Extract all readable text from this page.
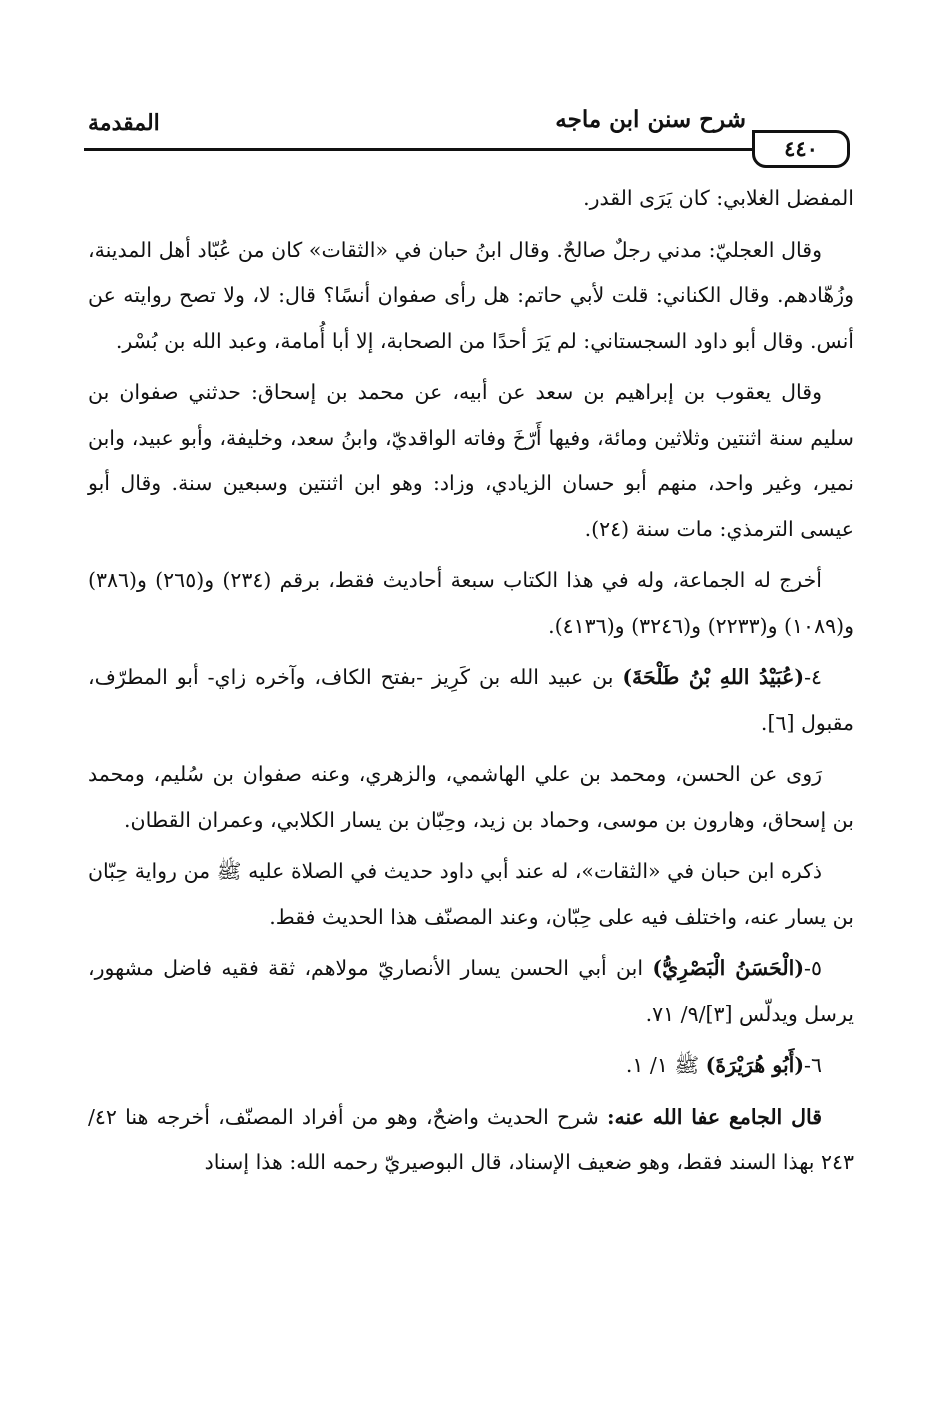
المقدمة	شرح سنن ابن ماجه
٤٤٠

المفضل الغلابي: كان يَرَى القدر.

وقال العجليّ: مدني رجلٌ صالحٌ. وقال ابنُ حبان في «الثقات» كان من عُبّاد أهل المدينة، وزُهّادهم. وقال الكناني: قلت لأبي حاتم: هل رأى صفوان أنسًا؟ قال: لا، ولا تصح روايته عن أنس. وقال أبو داود السجستاني: لم يَرَ أحدًا من الصحابة، إلا أبا أُمامة، وعبد الله بن بُسْر.

وقال يعقوب بن إبراهيم بن سعد عن أبيه، عن محمد بن إسحاق: حدثني صفوان بن سليم سنة اثنتين وثلاثين ومائة، وفيها أَرّخَ وفاته الواقديّ، وابنُ سعد، وخليفة، وأبو عبيد، وابن نمير، وغير واحد، منهم أبو حسان الزيادي، وزاد: وهو ابن اثنتين وسبعين سنة. وقال أبو عيسى الترمذي: مات سنة (٢٤).

أخرج له الجماعة، وله في هذا الكتاب سبعة أحاديث فقط، برقم (٢٣٤) و(٢٦٥) و(٣٨٦) و(١٠٨٩) و(٢٢٣٣) و(٣٢٤٦) و(٤١٣٦).

٤-(عُبَيْدُ اللهِ بْنُ طَلْحَةَ) بن عبيد الله بن كَرِيز -بفتح الكاف، وآخره زاي- أبو المطرّف، مقبول [٦].

رَوى عن الحسن، ومحمد بن علي الهاشمي، والزهري، وعنه صفوان بن سُليم، ومحمد بن إسحاق، وهارون بن موسى، وحماد بن زيد، وحِبّان بن يسار الكلابي، وعمران القطان.

ذكره ابن حبان في «الثقات»، له عند أبي داود حديث في الصلاة عليه ﷺ من رواية حِبّان بن يسار عنه، واختلف فيه على حِبّان، وعند المصنّف هذا الحديث فقط.

٥-(الْحَسَنُ الْبَصْرِيُّ) ابن أبي الحسن يسار الأنصاريّ مولاهم، ثقة فقيه فاضل مشهور، يرسل ويدلّس [٣]/٩/ ٧١.

٦-(أَبُو هُرَيْرَةَ) ﷺ ١/ ١.

قال الجامع عفا الله عنه: شرح الحديث واضحٌ، وهو من أفراد المصنّف، أخرجه هنا ٤٢/ ٢٤٣ بهذا السند فقط، وهو ضعيف الإسناد، قال البوصيريّ رحمه الله: هذا إسناد
